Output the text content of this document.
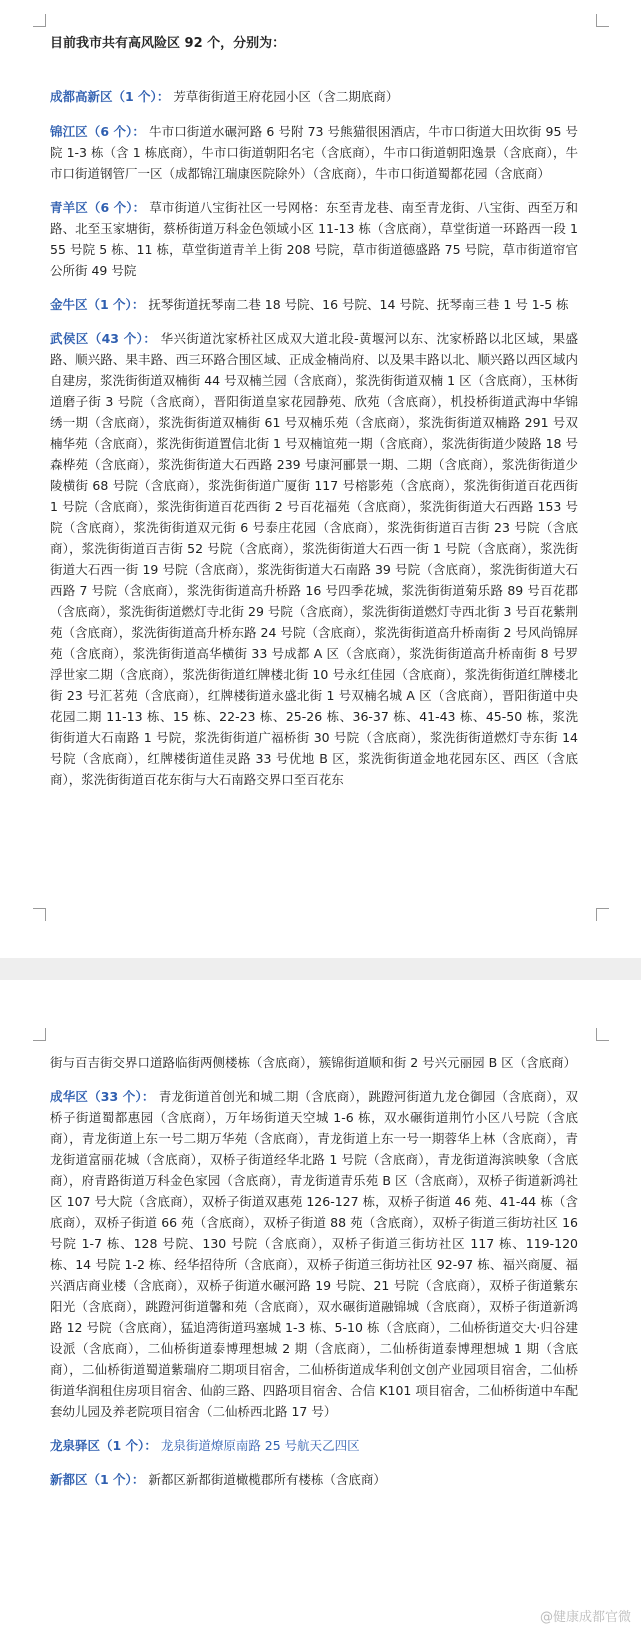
目前我市共有高风险区 92 个，分别为：

成都高新区（1 个）： 芳草街街道王府花园小区（含二期底商）

锦江区（6 个）： 牛市口街道水碾河路 6 号附 73 号熊猫很困酒店，牛市口街道大田坎街 95 号院 1-3 栋（含 1 栋底商），牛市口街道朝阳名宅（含底商），牛市口街道朝阳逸景（含底商），牛市口街道钢管厂一区（成都锦江瑞康医院除外）（含底商），牛市口街道蜀都花园（含底商）

青羊区（6 个）： 草市街道八宝街社区一号网格：东至青龙巷、南至青龙街、八宝街、西至万和路、北至玉家塘街，蔡桥街道万科金色领域小区 11-13 栋（含底商），草堂街道一环路西一段 155 号院 5 栋、11 栋，草堂街道青羊上街 208 号院，草市街道德盛路 75 号院，草市街道帘官公所街 49 号院

金牛区（1 个）： 抚琴街道抚琴南二巷 18 号院、16 号院、14 号院、抚琴南三巷 1 号 1-5 栋

武侯区（43 个）： 华兴街道沈家桥社区成双大道北段-黄堰河以东、沈家桥路以北区域，果盛路、顺兴路、果丰路、西三环路合围区域、正成金楠尚府、以及果丰路以北、顺兴路以西区域内自建房，浆洗街街道双楠街 44 号双楠兰园（含底商），浆洗街街道双楠 1 区（含底商），玉林街道磨子街 3 号院（含底商），晋阳街道皇家花园静苑、欣苑（含底商），机投桥街道武海中华锦绣一期（含底商），浆洗街街道双楠街 61 号双楠乐苑（含底商），浆洗街街道双楠路 291 号双楠华苑（含底商），浆洗街街道置信北街 1 号双楠谊苑一期（含底商），浆洗街街道少陵路 18 号森桦苑（含底商），浆洗街街道大石西路 239 号康河郦景一期、二期（含底商），浆洗街街道少陵横街 68 号院（含底商），浆洗街街道广厦街 117 号榕影苑（含底商），浆洗街街道百花西街 1 号院（含底商），浆洗街街道百花西街 2 号百花福苑（含底商），浆洗街街道大石西路 153 号院（含底商），浆洗街街道双元街 6 号泰庄花园（含底商），浆洗街街道百吉街 23 号院（含底商），浆洗街街道百吉街 52 号院（含底商），浆洗街街道大石西一街 1 号院（含底商），浆洗街街道大石西一街 19 号院（含底商），浆洗街街道大石南路 39 号院（含底商），浆洗街街道大石西路 7 号院（含底商），浆洗街街道高升桥路 16 号四季花城，浆洗街街道菊乐路 89 号百花郡（含底商），浆洗街街道燃灯寺北街 29 号院（含底商），浆洗街街道燃灯寺西北街 3 号百花紫荆苑（含底商），浆洗街街道高升桥东路 24 号院（含底商），浆洗街街道高升桥南街 2 号风尚锦屏苑（含底商），浆洗街街道高华横街 33 号成都 A 区（含底商），浆洗街街道高升桥南街 8 号罗浮世家二期（含底商），浆洗街街道红牌楼北街 10 号永红佳园（含底商），浆洗街街道红牌楼北街 23 号汇茗苑（含底商），红牌楼街道永盛北街 1 号双楠名城 A 区（含底商），晋阳街道中央花园二期 11-13 栋、15 栋、22-23 栋、25-26 栋、36-37 栋、41-43 栋、45-50 栋，浆洗街街道大石南路 1 号院，浆洗街街道广福桥街 30 号院（含底商），浆洗街街道燃灯寺东街 14 号院（含底商），红牌楼街道佳灵路 33 号优地 B 区，浆洗街街道金地花园东区、西区（含底商），浆洗街街道百花东街与大石南路交界口至百花东

街与百吉街交界口道路临街两侧楼栋（含底商），簇锦街道顺和街 2 号兴元丽园 B 区（含底商）

成华区（33 个）： 青龙街道首创光和城二期（含底商），跳蹬河街道九龙仓御园（含底商），双桥子街道蜀都惠园（含底商），万年场街道天空城 1-6 栋，双水碾街道荆竹小区八号院（含底商），青龙街道上东一号二期万华苑（含底商），青龙街道上东一号一期蓉华上林（含底商），青龙街道富丽花城（含底商），双桥子街道经华北路 1 号院（含底商），青龙街道海滨映象（含底商），府青路街道万科金色家园（含底商），青龙街道青乐苑 B 区（含底商），双桥子街道新鸿社区 107 号大院（含底商），双桥子街道双惠苑 126-127 栋，双桥子街道 46 苑、41-44 栋（含底商），双桥子街道 66 苑（含底商），双桥子街道 88 苑（含底商），双桥子街道三街坊社区 16 号院 1-7 栋、128 号院、130 号院（含底商），双桥子街道三街坊社区 117 栋、119-120 栋、14 号院 1-2 栋、经华招待所（含底商），双桥子街道三街坊社区 92-97 栋、福兴商厦、福兴酒店商业楼（含底商），双桥子街道水碾河路 19 号院、21 号院（含底商），双桥子街道紫东阳光（含底商），跳蹬河街道馨和苑（含底商），双水碾街道融锦城（含底商），双桥子街道新鸿路 12 号院（含底商），猛追湾街道玛塞城 1-3 栋、5-10 栋（含底商），二仙桥街道交大·归谷建设派（含底商），二仙桥街道泰博理想城 2 期（含底商），二仙桥街道泰博理想城 1 期（含底商），二仙桥街道蜀道紫瑞府二期项目宿舍，二仙桥街道成华利创文创产业园项目宿舍，二仙桥街道华润租住房项目宿舍、仙韵三路、四路项目宿舍、合信 K101 项目宿舍，二仙桥街道中车配套幼儿园及养老院项目宿舍（二仙桥西北路 17 号）

龙泉驿区（1 个）： 龙泉街道燎原南路 25 号航天乙四区

新都区（1 个）： 新都区新都街道橄榄郡所有楼栋（含底商）

@健康成都官微
